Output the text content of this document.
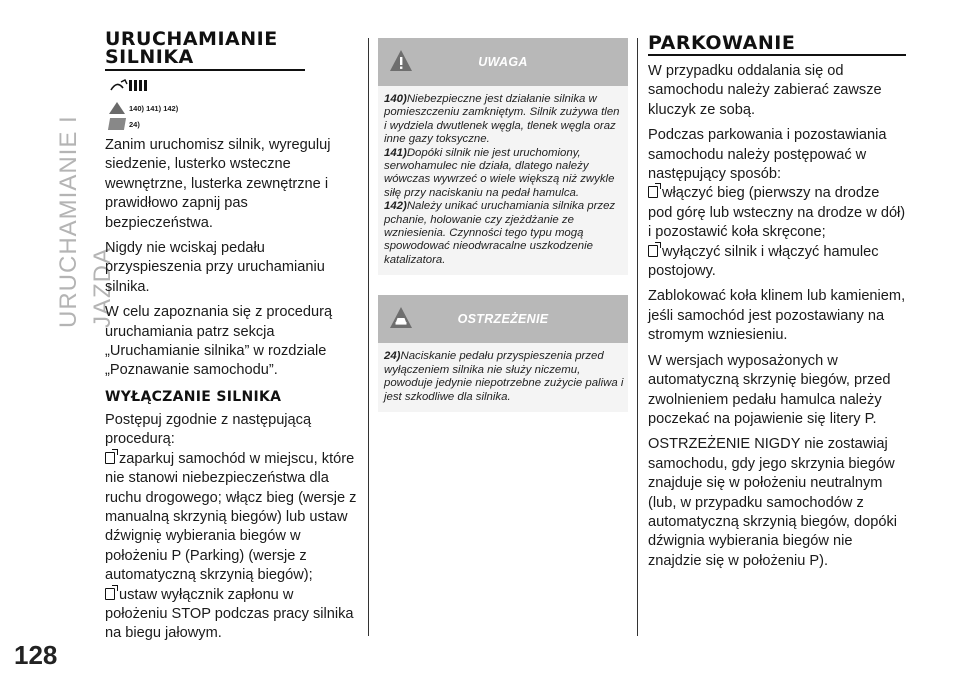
URUCHAMIANIE I JAZDA
128
URUCHAMIANIE SILNIKA
140) 141) 142)
24)

Zanim uruchomisz silnik, wyreguluj siedzenie, lusterko wsteczne wewnętrzne, lusterka zewnętrzne i prawidłowo zapnij pas bezpieczeństwa.

Nigdy nie wciskaj pedału przyspieszenia przy uruchamianiu silnika.

W celu zapoznania się z procedurą uruchamiania patrz sekcja „Uruchamianie silnika” w rozdziale „Poznawanie samochodu”.

WYŁĄCZANIE SILNIKA

Postępuj zgodnie z następującą procedurą:

zaparkuj samochód w miejscu, które nie stanowi niebezpieczeństwa dla ruchu drogowego; włącz bieg (wersje z manualną skrzynią biegów) lub ustaw dźwignię wybierania biegów w położeniu P (Parking) (wersje z automatyczną skrzynią biegów);

ustaw wyłącznik zapłonu w położeniu STOP podczas pracy silnika na biegu jałowym.

UWAGA

140)Niebezpieczne jest działanie silnika w pomieszczeniu zamkniętym. Silnik zużywa tlen i wydziela dwutlenek węgla, tlenek węgla oraz inne gazy toksyczne.

141)Dopóki silnik nie jest uruchomiony, serwohamulec nie działa, dlatego należy wówczas wywrzeć o wiele większą niż zwykle siłę przy naciskaniu na pedał hamulca.

142)Należy unikać uruchamiania silnika przez pchanie, holowanie czy zjeżdżanie ze wzniesienia. Czynności tego typu mogą spowodować nieodwracalne uszkodzenie katalizatora.

OSTRZEŻENIE

24)Naciskanie pedału przyspieszenia przed wyłączeniem silnika nie służy niczemu, powoduje jedynie niepotrzebne zużycie paliwa i jest szkodliwe dla silnika.

PARKOWANIE

W przypadku oddalania się od samochodu należy zabierać zawsze kluczyk ze sobą.

Podczas parkowania i pozostawiania samochodu należy postępować w następujący sposób:

włączyć bieg (pierwszy na drodze pod górę lub wsteczny na drodze w dół) i pozostawić koła skręcone;

wyłączyć silnik i włączyć hamulec postojowy.

Zablokować koła klinem lub kamieniem, jeśli samochód jest pozostawiany na stromym wzniesieniu.

W wersjach wyposażonych w automatyczną skrzynię biegów, przed zwolnieniem pedału hamulca należy poczekać na pojawienie się litery P.

OSTRZEŻENIE NIGDY nie zostawiaj samochodu, gdy jego skrzynia biegów znajduje się w położeniu neutralnym (lub, w przypadku samochodów z automatyczną skrzynią biegów, dopóki dźwignia wybierania biegów nie znajdzie się w położeniu P).
